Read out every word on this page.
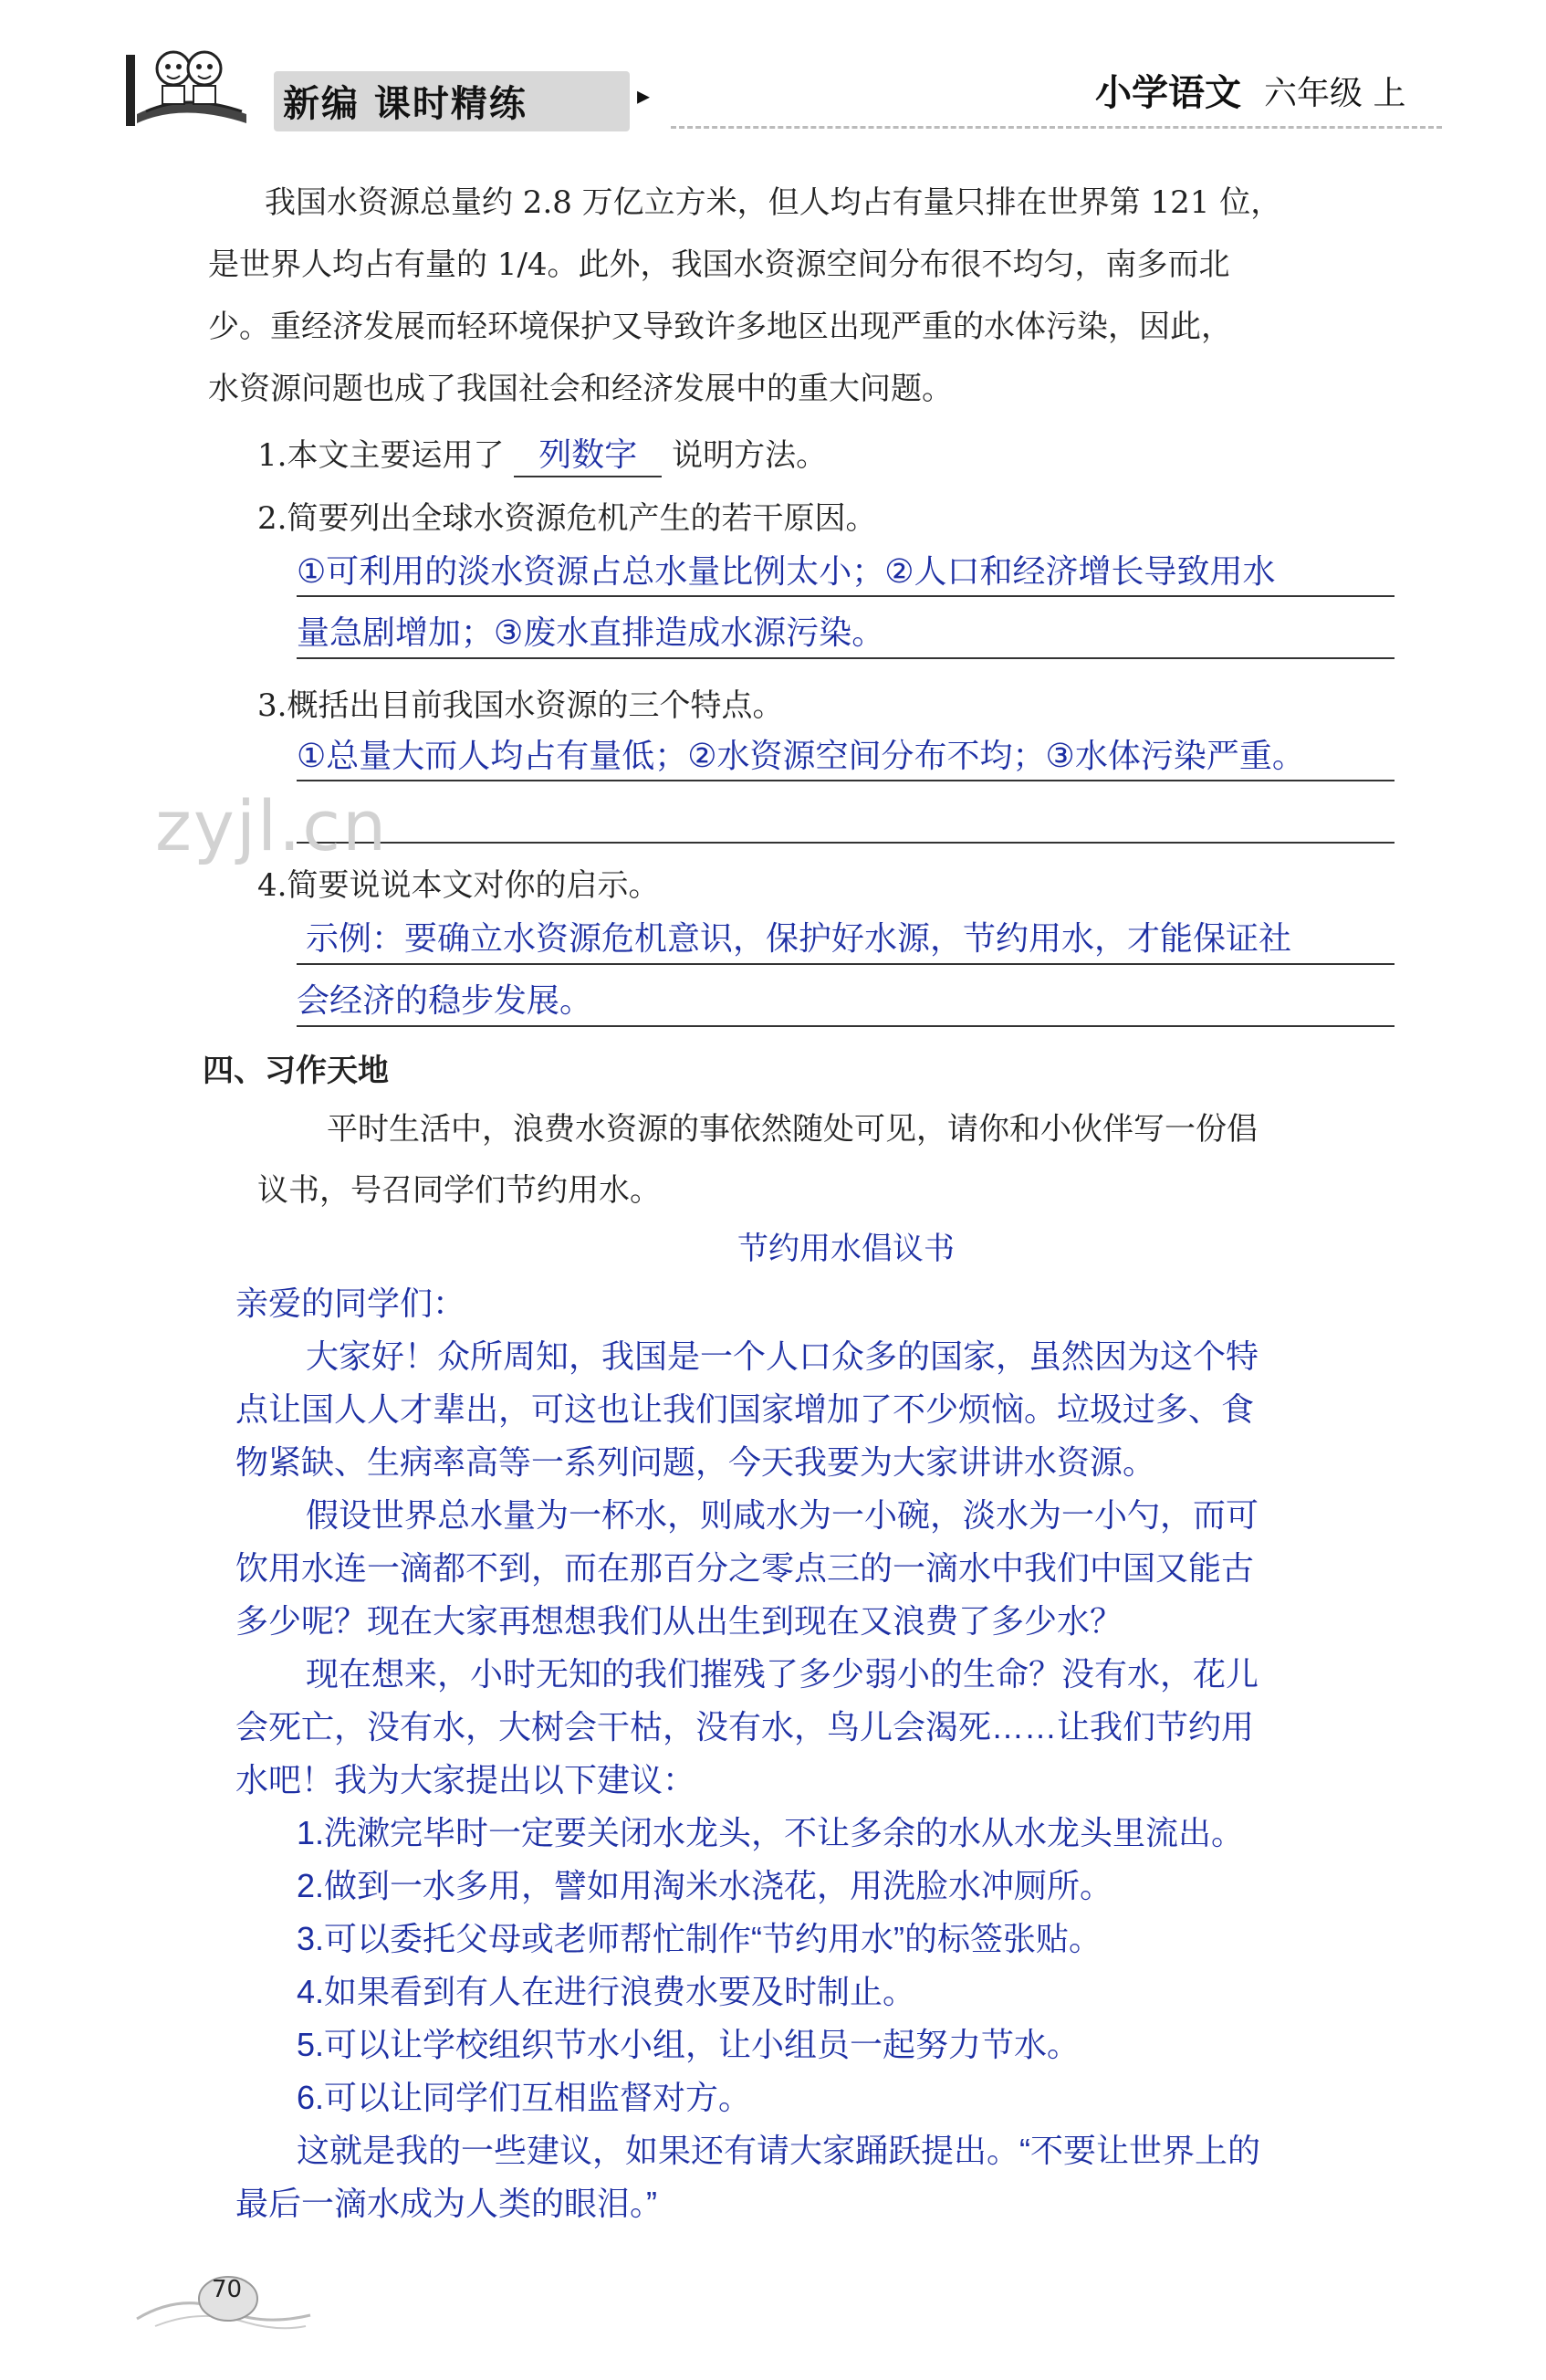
新编 课时精练	▸	小学语文 六年级 上
我国水资源总量约 2.8 万亿立方米，但人均占有量只排在世界第 121 位，
是世界人均占有量的 1/4。此外，我国水资源空间分布很不均匀，南多而北
少。重经济发展而轻环境保护又导致许多地区出现严重的水体污染，因此，
水资源问题也成了我国社会和经济发展中的重大问题。
1.本文主要运用了 列数字 说明方法。
2.简要列出全球水资源危机产生的若干原因。
①可利用的淡水资源占总水量比例太小；②人口和经济增长导致用水
量急剧增加；③废水直排造成水源污染。
3.概括出目前我国水资源的三个特点。
①总量大而人均占有量低；②水资源空间分布不均；③水体污染严重。
zyjl.cn
4.简要说说本文对你的启示。
示例：要确立水资源危机意识，保护好水源，节约用水，才能保证社
会经济的稳步发展。
四、习作天地
平时生活中，浪费水资源的事依然随处可见，请你和小伙伴写一份倡
议书，号召同学们节约用水。
节约用水倡议书
亲爱的同学们：
大家好！众所周知，我国是一个人口众多的国家，虽然因为这个特
点让国人人才辈出，可这也让我们国家增加了不少烦恼。垃圾过多、食
物紧缺、生病率高等一系列问题，今天我要为大家讲讲水资源。
假设世界总水量为一杯水，则咸水为一小碗，淡水为一小勺，而可
饮用水连一滴都不到，而在那百分之零点三的一滴水中我们中国又能古
多少呢？现在大家再想想我们从出生到现在又浪费了多少水？
现在想来，小时无知的我们摧残了多少弱小的生命？没有水，花儿
会死亡，没有水，大树会干枯，没有水，鸟儿会渴死……让我们节约用
水吧！我为大家提出以下建议：
1.洗漱完毕时一定要关闭水龙头，不让多余的水从水龙头里流出。
2.做到一水多用，譬如用淘米水浇花，用洗脸水冲厕所。
3.可以委托父母或老师帮忙制作“节约用水”的标签张贴。
4.如果看到有人在进行浪费水要及时制止。
5.可以让学校组织节水小组，让小组员一起努力节水。
6.可以让同学们互相监督对方。
这就是我的一些建议，如果还有请大家踊跃提出。“不要让世界上的
最后一滴水成为人类的眼泪。”
70
